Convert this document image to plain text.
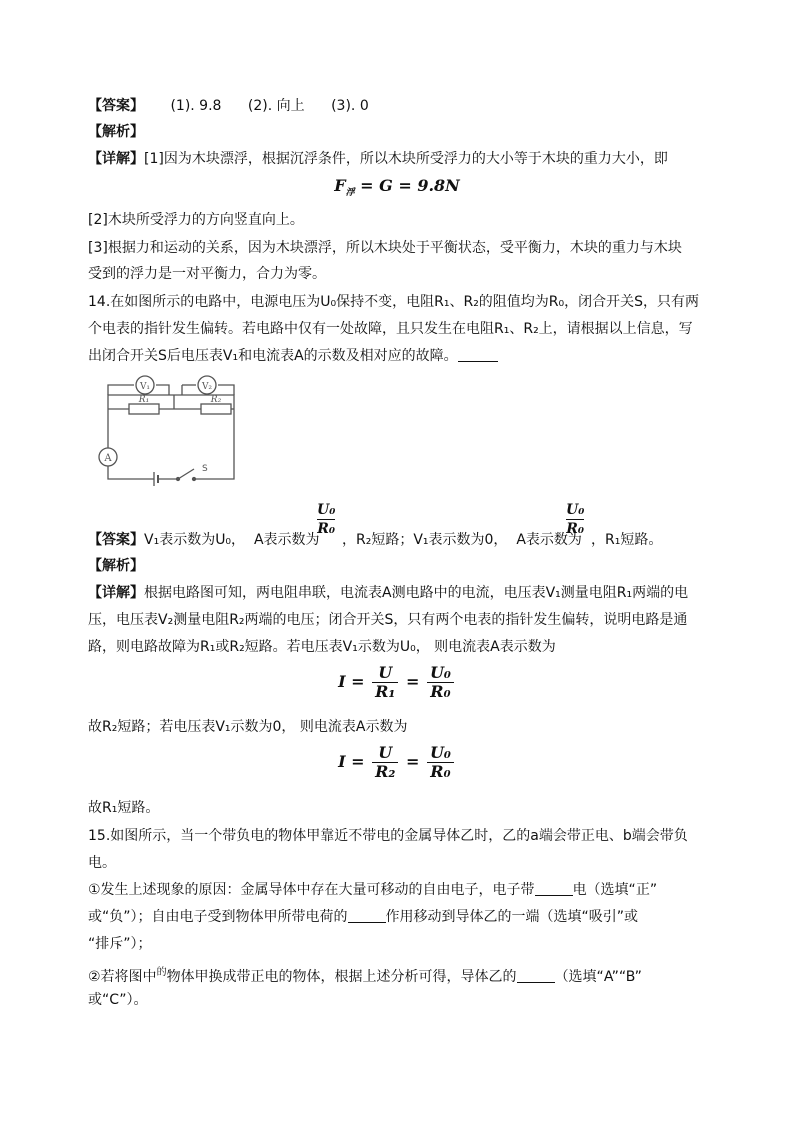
【答案】 (1). 9.8 (2). 向上 (3). 0
【解析】
【详解】[1]因为木块漂浮，根据沉浮条件，所以木块所受浮力的大小等于木块的重力大小，即
$F_浮 = G = 9.8N$
[2]木块所受浮力的方向竖直向上。
[3]根据力和运动的关系，因为木块漂浮，所以木块处于平衡状态，受平衡力，木块的重力与木块
受到的浮力是一对平衡力，合力为零。
14.在如图所示的电路中，电源电压为U₀保持不变，电阻R₁、R₂的阻值均为R₀，闭合开关S，只有两
个电表的指针发生偏转。若电路中仅有一处故障，且只发生在电阻R₁、R₂上，请根据以上信息，写
出闭合开关S后电压表V₁和电流表A的示数及相对应的故障。
V₁	V₂
R₁	R₂
A
S
$\frac{\text{U₀}}{\text{R₀}}$	$\frac{\text{U₀}}{\text{R₀}}$
【答案】V₁表示数为U₀， A表示数为 ，R₂短路；V₁表示数为0， A表示数为 ，R₁短路。
【解析】
【详解】根据电路图可知，两电阻串联，电流表A测电路中的电流，电压表V₁测量电阻R₁两端的电
压，电压表V₂测量电阻R₂两端的电压；闭合开关S，只有两个电表的指针发生偏转，说明电路是通
路，则电路故障为R₁或R₂短路。若电压表V₁示数为U₀， 则电流表A表示数为
$I = \frac{U}{\text{R₁}} = \frac{\text{U₀}}{\text{R₀}}$
故R₂短路；若电压表V₁示数为0， 则电流表A示数为
$I = \frac{U}{\text{R₂}} = \frac{\text{U₀}}{\text{R₀}}$
故R₁短路。
15.如图所示，当一个带负电的物体甲靠近不带电的金属导体乙时，乙的a端会带正电、b端会带负
电。
①发生上述现象的原因：金属导体中存在大量可移动的自由电子，电子带	电（选填“正”
或“负”）；自由电子受到物体甲所带电荷的	作用移动到导体乙的一端（选填“吸引”或
“排斥”）；
②若将图中$^的$物体甲换成带正电的物体，根据上述分析可得，导体乙的	（选填“A”“B”
或“C”）。
